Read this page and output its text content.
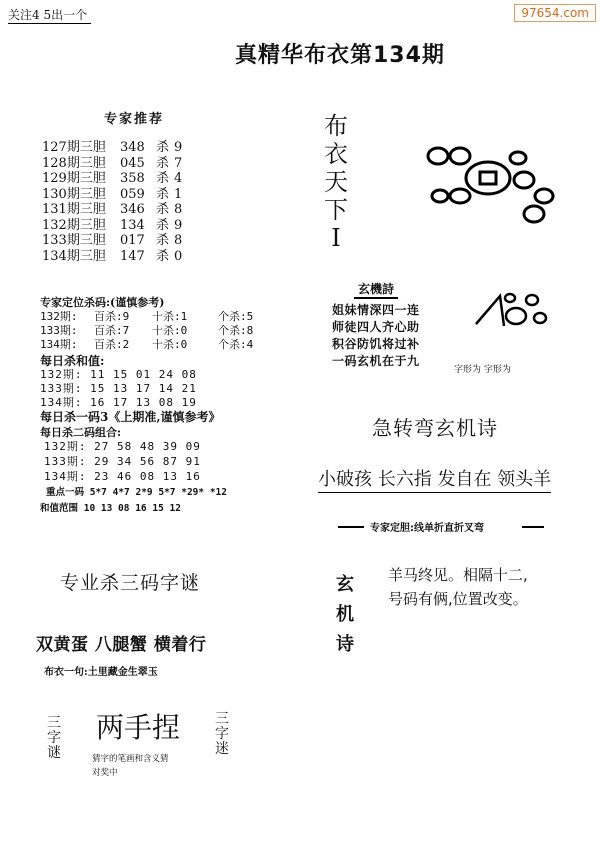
关注4 5出一个	97654.com
真精华布衣第134期
专家推荐
127期三胆 348 杀 9
128期三胆 045 杀 7
129期三胆 358 杀 4
130期三胆 059 杀 1
131期三胆 346 杀 8
132期三胆 134 杀 9
133期三胆 017 杀 8
134期三胆 147 杀 0
专家定位杀码:(谨慎参考)
132期: 百杀:9 十杀:1	个杀:5
133期: 百杀:7 十杀:0	个杀:8
134期: 百杀:2 十杀:0	个杀:4
每日杀和值:
132期: 11 15 01 24 08
133期: 15 13 17 14 21
134期: 16 17 13 08 19
每日杀一码3《上期准,谨慎参考》
每日杀二码组合:
132期: 27 58 48 39 09
133期: 29 34 56 87 91
134期: 23 46 08 13 16
重点一码 5*7 4*7 2*9 5*7 *29* *12
和值范围 10 13 08 16 15 12
专业杀三码字谜
双黄蛋 八腿蟹 横着行
布衣一句:土里藏金生翠玉
三字谜
两手捏 三字迷
猜字的笔画和含义猜
对奖中
布衣天下I
玄機詩
姐妹情深四一连
师徒四人齐心助
积谷防饥将过补
一码玄机在于九
字形为 字形为
急转弯玄机诗
小破孩 长六指 发自在 领头羊
专家定胆:线单折直折叉弯
玄机诗
羊马终见。相隔十二,
号码有俩,位置改变。
